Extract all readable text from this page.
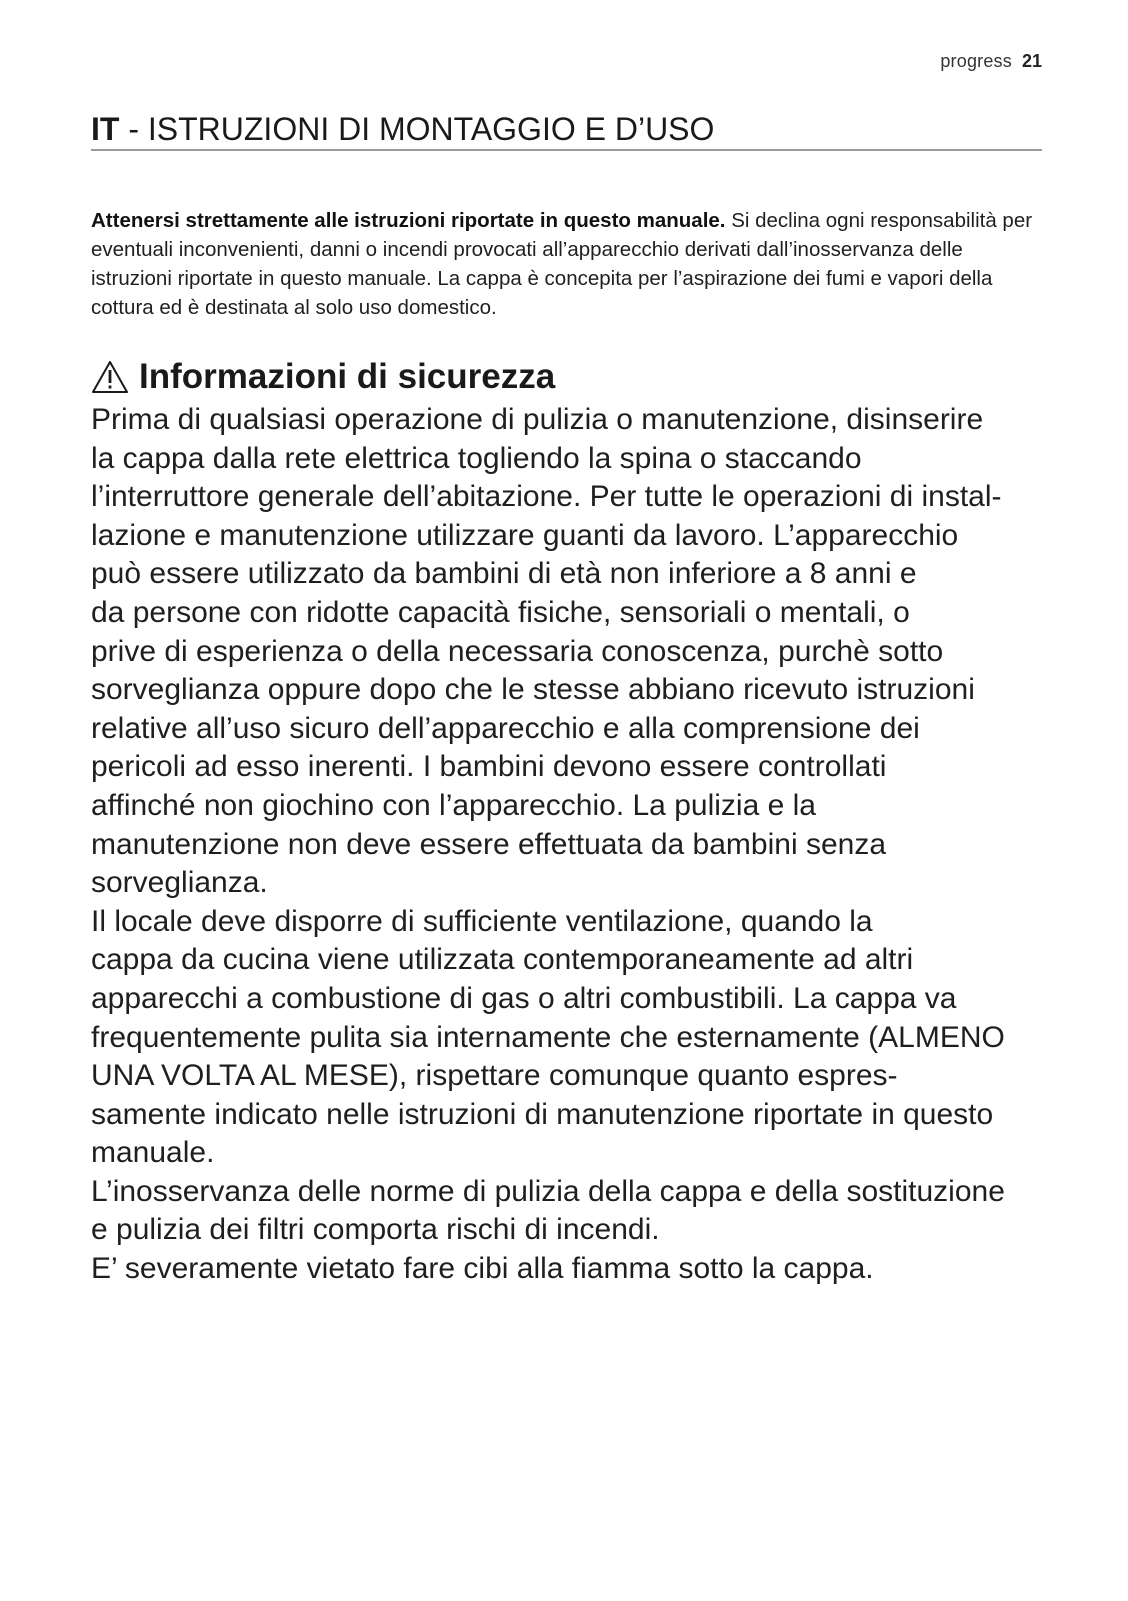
progress 21
IT - ISTRUZIONI DI MONTAGGIO E D’USO
Attenersi strettamente alle istruzioni riportate in questo manuale. Si declina ogni responsabilità per eventuali inconvenienti, danni o incendi provocati all’apparecchio derivati dall’inosservanza delle istruzioni riportate in questo manuale. La cappa è concepita per l’aspirazione dei fumi e vapori della cottura ed è destinata al solo uso domestico.
Informazioni di sicurezza
Prima di qualsiasi operazione di pulizia o manutenzione, disinserire
la cappa dalla rete elettrica togliendo la spina o staccando
l’interruttore generale dell’abitazione. Per tutte le operazioni di instal-
lazione e manutenzione utilizzare guanti da lavoro. L’apparecchio
può essere utilizzato da bambini di età non inferiore a 8 anni e
da persone con ridotte capacità fisiche, sensoriali o mentali, o
prive di esperienza o della necessaria conoscenza, purchè sotto
sorveglianza oppure dopo che le stesse abbiano ricevuto istruzioni
relative all’uso sicuro dell’apparecchio e alla comprensione dei
pericoli ad esso inerenti. I bambini devono essere controllati
affinché non giochino con l’apparecchio. La pulizia e la
manutenzione non deve essere effettuata da bambini senza
sorveglianza.
Il locale deve disporre di sufficiente ventilazione, quando la
cappa da cucina viene utilizzata contemporaneamente ad altri
apparecchi a combustione di gas o altri combustibili. La cappa va
frequentemente pulita sia internamente che esternamente (ALMENO
UNA VOLTA AL MESE), rispettare comunque quanto espres-
samente indicato nelle istruzioni di manutenzione riportate in questo
manuale.
L’inosservanza delle norme di pulizia della cappa e della sostituzione
e pulizia dei filtri comporta rischi di incendi.
E’ severamente vietato fare cibi alla fiamma sotto la cappa.
